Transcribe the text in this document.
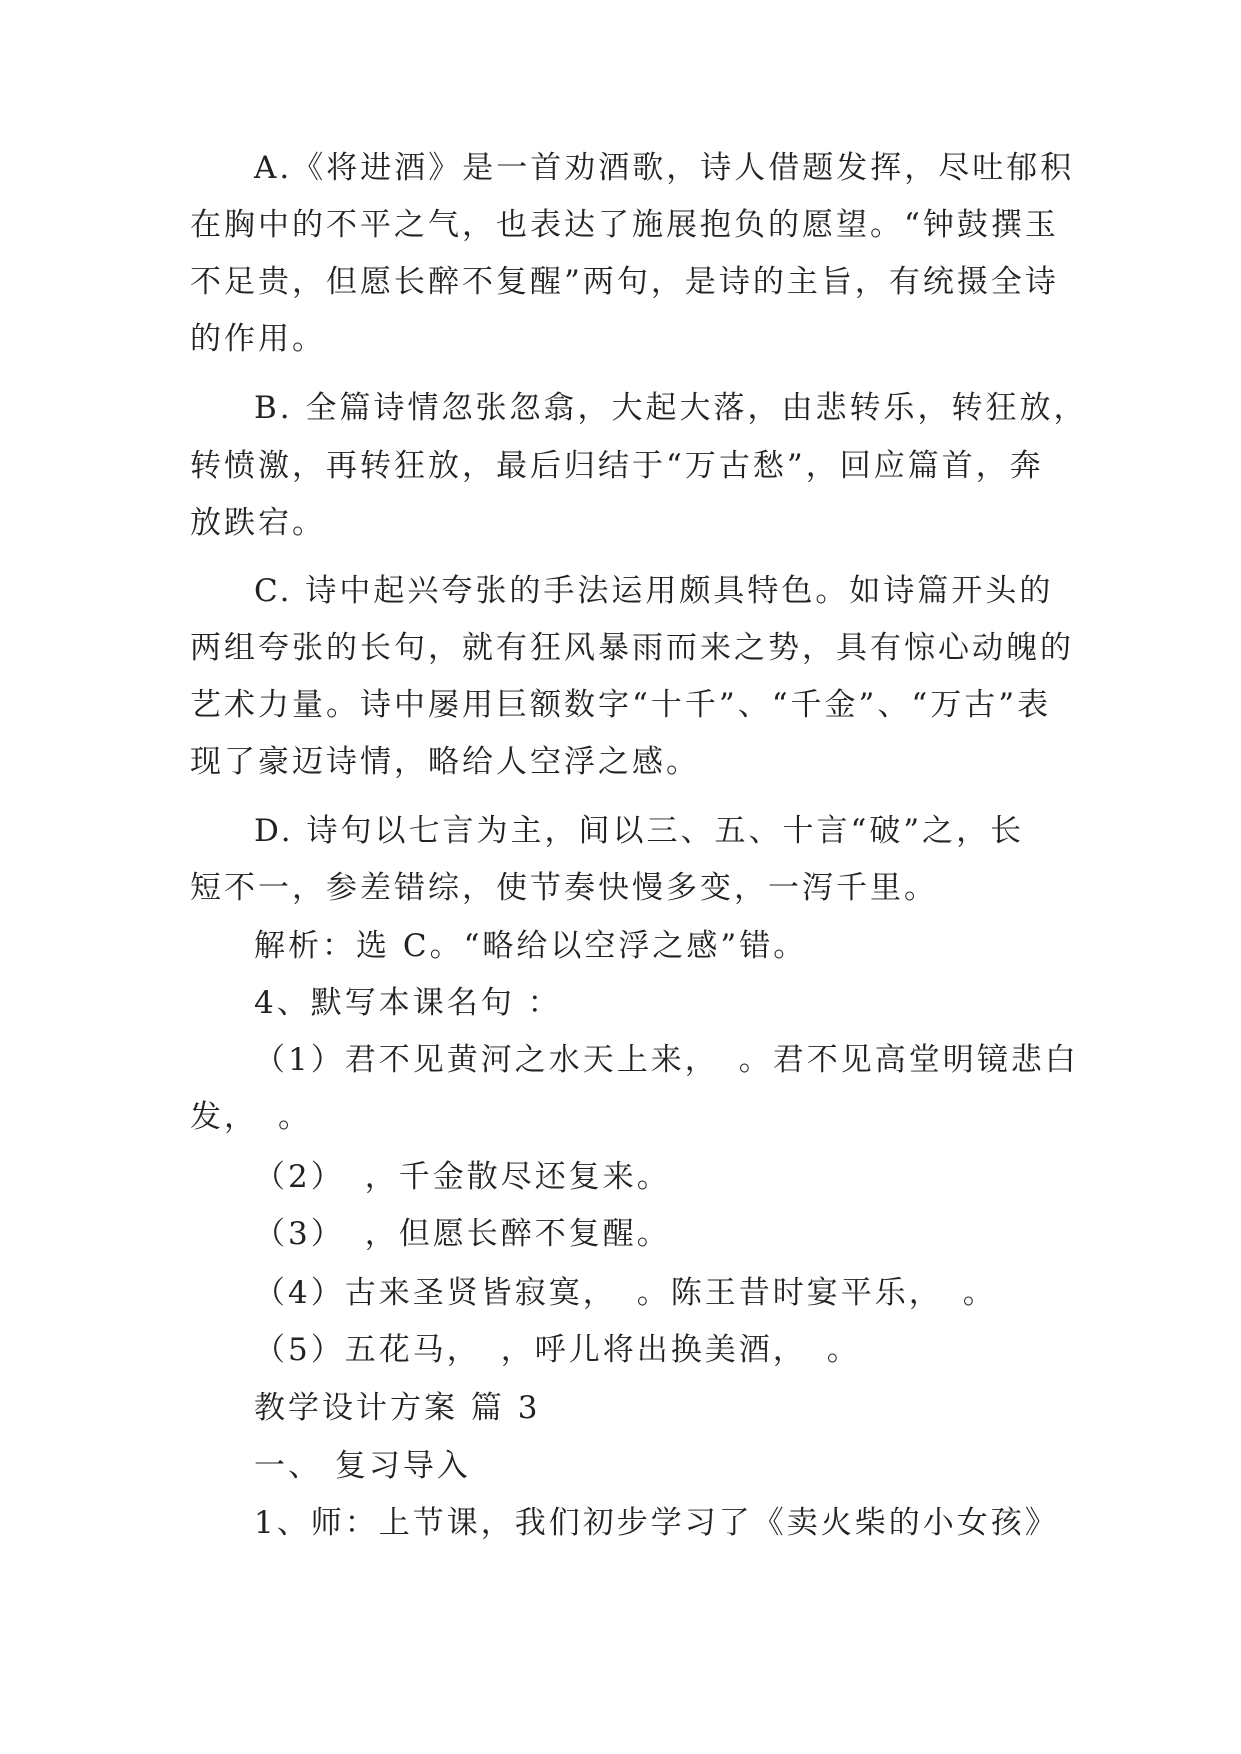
A.《将进酒》是一首劝酒歌，诗人借题发挥，尽吐郁积
在胸中的不平之气，也表达了施展抱负的愿望。“钟鼓撰玉
不足贵，但愿长醉不复醒”两句，是诗的主旨，有统摄全诗
的作用。
B. 全篇诗情忽张忽翕，大起大落，由悲转乐，转狂放，
转愤激，再转狂放，最后归结于“万古愁”，回应篇首，奔
放跌宕。
C. 诗中起兴夸张的手法运用颇具特色。如诗篇开头的
两组夸张的长句，就有狂风暴雨而来之势，具有惊心动魄的
艺术力量。诗中屡用巨额数字“十千”、“千金”、“万古”表
现了豪迈诗情，略给人空浮之感。
D. 诗句以七言为主，间以三、五、十言“破”之，长
短不一，参差错综，使节奏快慢多变，一泻千里。
解析：选 C。“略给以空浮之感”错。
4、默写本课名句 ：
（1）君不见黄河之水天上来， 。君不见高堂明镜悲白
发， 。
（2） ，千金散尽还复来。
（3） ，但愿长醉不复醒。
（4）古来圣贤皆寂寞， 。陈王昔时宴平乐， 。
（5）五花马， ，呼儿将出换美酒， 。
教学设计方案 篇 3
一、 复习导入
1、师：上节课，我们初步学习了《卖火柴的小女孩》
